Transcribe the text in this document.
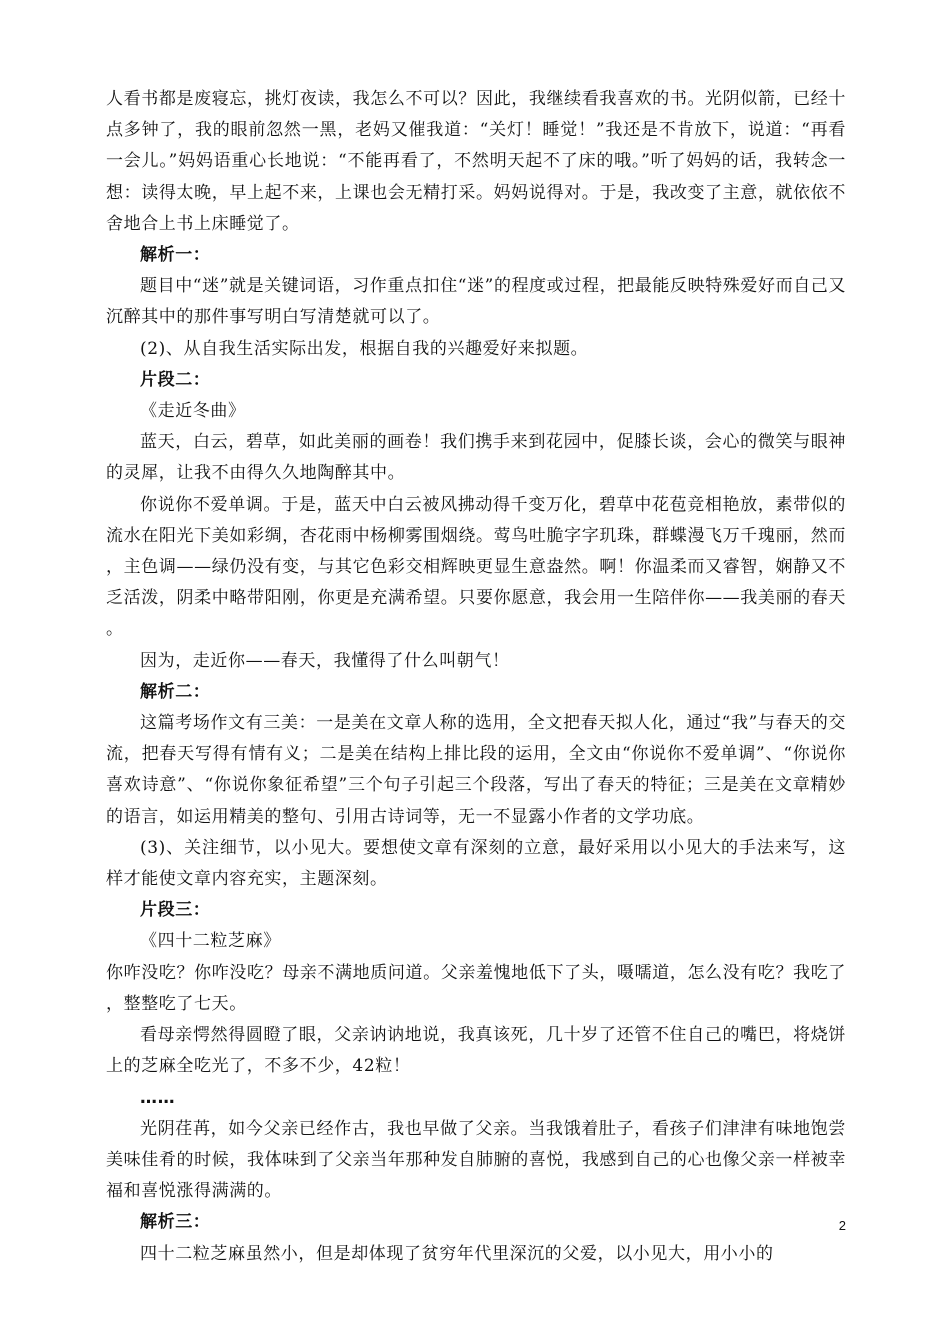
人看书都是废寝忘，挑灯夜读，我怎么不可以？因此，我继续看我喜欢的书。光阴似箭，已经十点多钟了，我的眼前忽然一黑，老妈又催我道：“关灯！睡觉！”我还是不肯放下，说道：“再看一会儿。”妈妈语重心长地说：“不能再看了，不然明天起不了床的哦。”听了妈妈的话，我转念一想：读得太晚，早上起不来，上课也会无精打采。妈妈说得对。于是，我改变了主意，就依依不舍地合上书上床睡觉了。

解析一：

题目中“迷”就是关键词语，习作重点扣住“迷”的程度或过程，把最能反映特殊爱好而自己又沉醉其中的那件事写明白写清楚就可以了。

(2)、从自我生活实际出发，根据自我的兴趣爱好来拟题。

片段二：

《走近冬曲》

蓝天，白云，碧草，如此美丽的画卷！我们携手来到花园中，促膝长谈，会心的微笑与眼神的灵犀，让我不由得久久地陶醉其中。

你说你不爱单调。于是，蓝天中白云被风拂动得千变万化，碧草中花苞竞相艳放，素带似的流水在阳光下美如彩绸，杏花雨中杨柳雾围烟绕。莺鸟吐脆字字玑珠，群蝶漫飞万千瑰丽，然而，主色调——绿仍没有变，与其它色彩交相辉映更显生意盎然。啊！你温柔而又睿智，娴静又不乏活泼，阴柔中略带阳刚，你更是充满希望。只要你愿意，我会用一生陪伴你——我美丽的春天。

因为，走近你——春天，我懂得了什么叫朝气！

解析二：

这篇考场作文有三美：一是美在文章人称的选用，全文把春天拟人化，通过“我”与春天的交流，把春天写得有情有义；二是美在结构上排比段的运用，全文由“你说你不爱单调”、“你说你喜欢诗意”、“你说你象征希望”三个句子引起三个段落，写出了春天的特征；三是美在文章精妙的语言，如运用精美的整句、引用古诗词等，无一不显露小作者的文学功底。

(3)、关注细节，以小见大。要想使文章有深刻的立意，最好采用以小见大的手法来写，这样才能使文章内容充实，主题深刻。

片段三：

《四十二粒芝麻》

你咋没吃？你咋没吃？母亲不满地质问道。父亲羞愧地低下了头，嗫嚅道，怎么没有吃？我吃了，整整吃了七天。

看母亲愕然得圆瞪了眼，父亲讷讷地说，我真该死，几十岁了还管不住自己的嘴巴，将烧饼上的芝麻全吃光了，不多不少，42粒！

……

光阴荏苒，如今父亲已经作古，我也早做了父亲。当我饿着肚子，看孩子们津津有味地饱尝美味佳肴的时候，我体味到了父亲当年那种发自肺腑的喜悦，我感到自己的心也像父亲一样被幸福和喜悦涨得满满的。

解析三：

四十二粒芝麻虽然小，但是却体现了贫穷年代里深沉的父爱，以小见大，用小小的

2
